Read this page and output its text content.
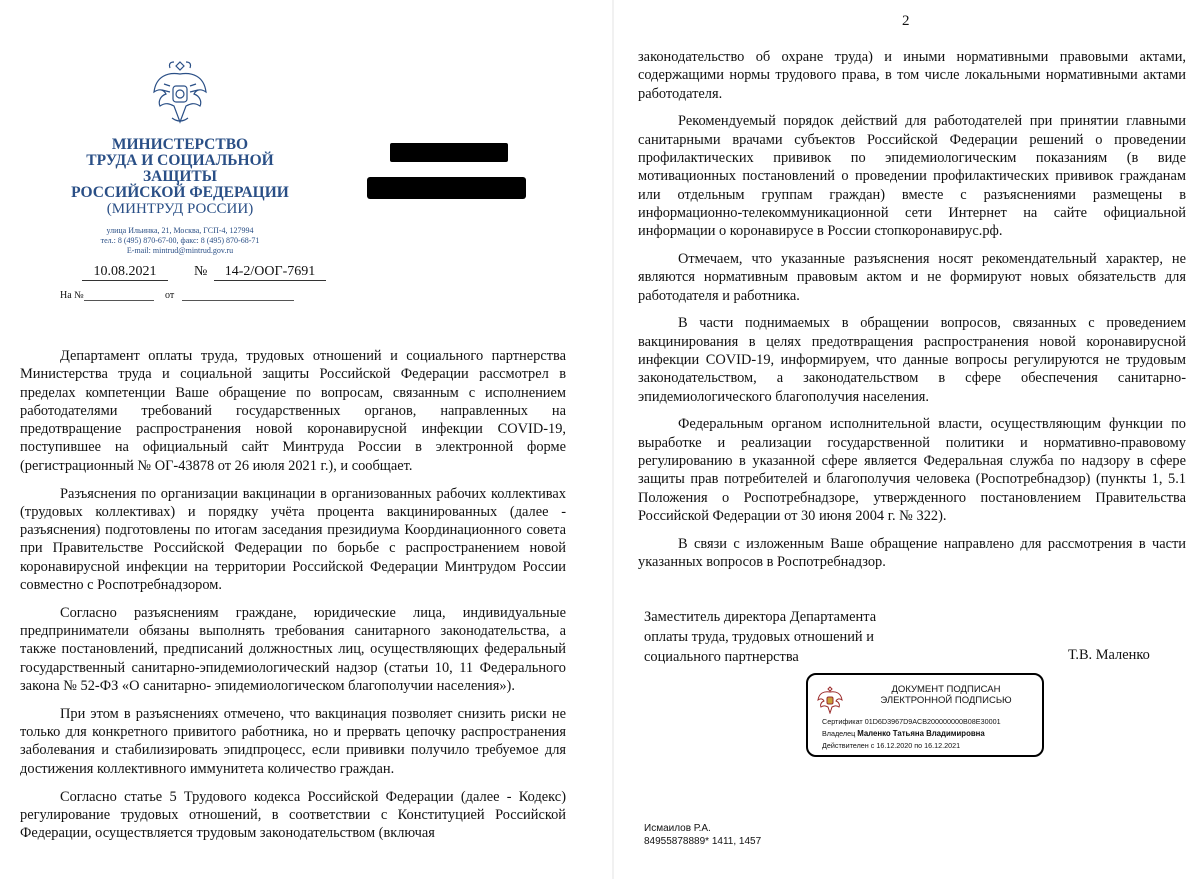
МИНИСТЕРСТВО
ТРУДА И СОЦИАЛЬНОЙ
ЗАЩИТЫ
РОССИЙСКОЙ ФЕДЕРАЦИИ
(МИНТРУД РОССИИ)
улица Ильинка, 21, Москва, ГСП-4, 127994
тел.: 8 (495) 870-67-00, факс: 8 (495) 870-68-71
E-mail: mintrud@mintrud.gov.ru
10.08.2021	№	14-2/ООГ-7691
На №	от

Департамент оплаты труда, трудовых отношений и социального партнерства Министерства труда и социальной защиты Российской Федерации рассмотрел в пределах компетенции Ваше обращение по вопросам, связанным с исполнением работодателями требований государственных органов, направленных на предотвращение распространения новой коронавирусной инфекции COVID-19, поступившее на официальный сайт Минтруда России в электронной форме (регистрационный № ОГ-43878 от 26 июля 2021 г.), и сообщает.

Разъяснения по организации вакцинации в организованных рабочих коллективах (трудовых коллективах) и порядку учёта процента вакцинированных (далее - разъяснения) подготовлены по итогам заседания президиума Координационного совета при Правительстве Российской Федерации по борьбе с распространением новой коронавирусной инфекции на территории Российской Федерации Минтрудом России совместно с Роспотребнадзором.

Согласно разъяснениям граждане, юридические лица, индивидуальные предприниматели обязаны выполнять требования санитарного законодательства, а также постановлений, предписаний должностных лиц, осуществляющих федеральный государственный санитарно-эпидемиологический надзор (статьи 10, 11 Федерального закона № 52-ФЗ «О санитарно- эпидемиологическом благополучии населения»).

При этом в разъяснениях отмечено, что вакцинация позволяет снизить риски не только для конкретного привитого работника, но и прервать цепочку распространения заболевания и стабилизировать эпидпроцесс, если прививки получило требуемое для достижения коллективного иммунитета количество граждан.

Согласно статье 5 Трудового кодекса Российской Федерации (далее - Кодекс) регулирование трудовых отношений, в соответствии с Конституцией Российской Федерации, осуществляется трудовым законодательством (включая

2

законодательство об охране труда) и иными нормативными правовыми актами, содержащими нормы трудового права, в том числе локальными нормативными актами работодателя.

Рекомендуемый порядок действий для работодателей при принятии главными санитарными врачами субъектов Российской Федерации решений о проведении профилактических прививок по эпидемиологическим показаниям (в виде мотивационных постановлений о проведении профилактических прививок гражданам или отдельным группам граждан) вместе с разъяснениями размещены в информационно-телекоммуникационной сети Интернет на сайте официальной информации о коронавирусе в России стопкоронавирус.рф.

Отмечаем, что указанные разъяснения носят рекомендательный характер, не являются нормативным правовым актом и не формируют новых обязательств для работодателя и работника.

В части поднимаемых в обращении вопросов, связанных с проведением вакцинирования в целях предотвращения распространения новой коронавирусной инфекции COVID-19, информируем, что данные вопросы регулируются не трудовым законодательством, а законодательством в сфере обеспечения санитарно-эпидемиологического благополучия населения.

Федеральным органом исполнительной власти, осуществляющим функции по выработке и реализации государственной политики и нормативно-правовому регулированию в указанной сфере является Федеральная служба по надзору в сфере защиты прав потребителей и благополучия человека (Роспотребнадзор) (пункты 1, 5.1 Положения о Роспотребнадзоре, утвержденного постановлением Правительства Российской Федерации от 30 июня 2004 г. № 322).

В связи с изложенным Ваше обращение направлено для рассмотрения в части указанных вопросов в Роспотребнадзор.

Заместитель директора Департамента
оплаты труда, трудовых отношений и
социального партнерства	Т.В. Маленко
ДОКУМЕНТ ПОДПИСАН
ЭЛЕКТРОННОЙ ПОДПИСЬЮ
Сертификат 01D6D3967D9ACB200000000B08E30001
Владелец Маленко Татьяна Владимировна
Действителен с 16.12.2020 по 16.12.2021
Исмаилов Р.А.
84955878889* 1411, 1457
